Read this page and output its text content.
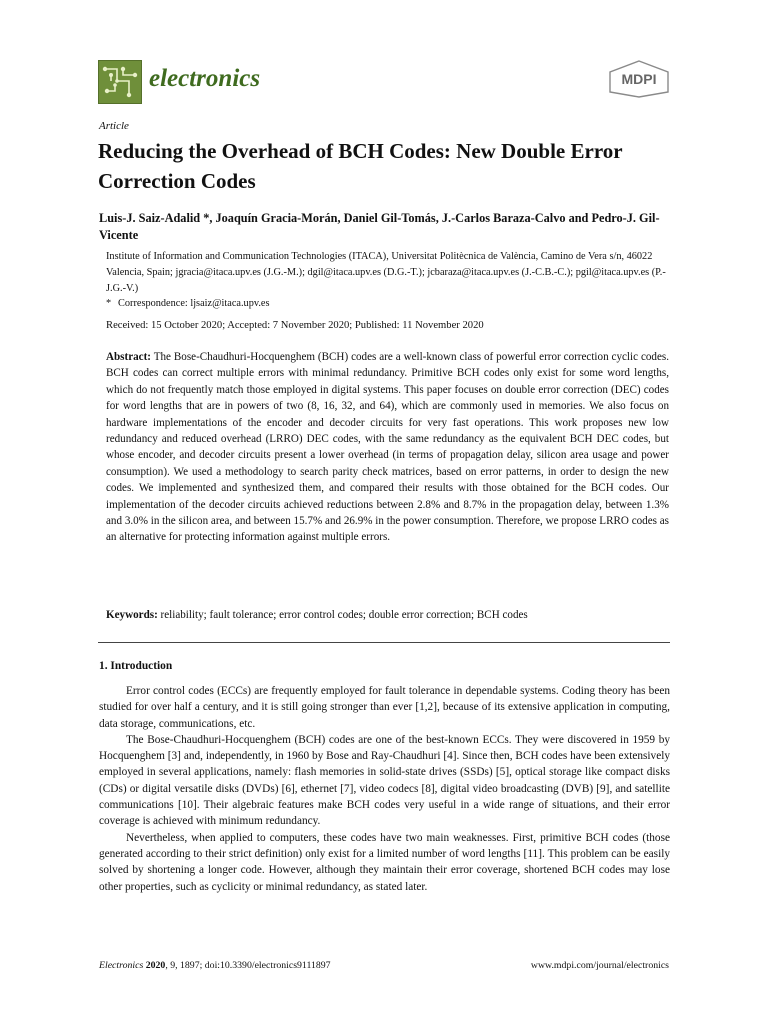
electronics	MDPI
Article
Reducing the Overhead of BCH Codes: New Double Error Correction Codes
Luis-J. Saiz-Adalid *, Joaquín Gracia-Morán, Daniel Gil-Tomás, J.-Carlos Baraza-Calvo and Pedro-J. Gil-Vicente
Institute of Information and Communication Technologies (ITACA), Universitat Politècnica de València, Camino de Vera s/n, 46022 Valencia, Spain; jgracia@itaca.upv.es (J.G.-M.); dgil@itaca.upv.es (D.G.-T.); jcbaraza@itaca.upv.es (J.-C.B.-C.); pgil@itaca.upv.es (P.-J.G.-V.)
* Correspondence: ljsaiz@itaca.upv.es
Received: 15 October 2020; Accepted: 7 November 2020; Published: 11 November 2020
Abstract: The Bose-Chaudhuri-Hocquenghem (BCH) codes are a well-known class of powerful error correction cyclic codes. BCH codes can correct multiple errors with minimal redundancy. Primitive BCH codes only exist for some word lengths, which do not frequently match those employed in digital systems. This paper focuses on double error correction (DEC) codes for word lengths that are in powers of two (8, 16, 32, and 64), which are commonly used in memories. We also focus on hardware implementations of the encoder and decoder circuits for very fast operations. This work proposes new low redundancy and reduced overhead (LRRO) DEC codes, with the same redundancy as the equivalent BCH DEC codes, but whose encoder, and decoder circuits present a lower overhead (in terms of propagation delay, silicon area usage and power consumption). We used a methodology to search parity check matrices, based on error patterns, in order to design the new codes. We implemented and synthesized them, and compared their results with those obtained for the BCH codes. Our implementation of the decoder circuits achieved reductions between 2.8% and 8.7% in the propagation delay, between 1.3% and 3.0% in the silicon area, and between 15.7% and 26.9% in the power consumption. Therefore, we propose LRRO codes as an alternative for protecting information against multiple errors.
Keywords: reliability; fault tolerance; error control codes; double error correction; BCH codes
1. Introduction

Error control codes (ECCs) are frequently employed for fault tolerance in dependable systems. Coding theory has been studied for over half a century, and it is still going stronger than ever [1,2], because of its extensive application in computing, data storage, communications, etc.

The Bose-Chaudhuri-Hocquenghem (BCH) codes are one of the best-known ECCs. They were discovered in 1959 by Hocquenghem [3] and, independently, in 1960 by Bose and Ray-Chaudhuri [4]. Since then, BCH codes have been extensively employed in several applications, namely: flash memories in solid-state drives (SSDs) [5], optical storage like compact disks (CDs) or digital versatile disks (DVDs) [6], ethernet [7], video codecs [8], digital video broadcasting (DVB) [9], and satellite communications [10]. Their algebraic features make BCH codes very useful in a wide range of situations, and their error coverage is achieved with minimum redundancy.

Nevertheless, when applied to computers, these codes have two main weaknesses. First, primitive BCH codes (those generated according to their strict definition) only exist for a limited number of word lengths [11]. This problem can be easily solved by shortening a longer code. However, although they maintain their error coverage, shortened BCH codes may lose other properties, such as cyclicity or minimal redundancy, as stated later.

Electronics 2020, 9, 1897; doi:10.3390/electronics9111897	www.mdpi.com/journal/electronics
